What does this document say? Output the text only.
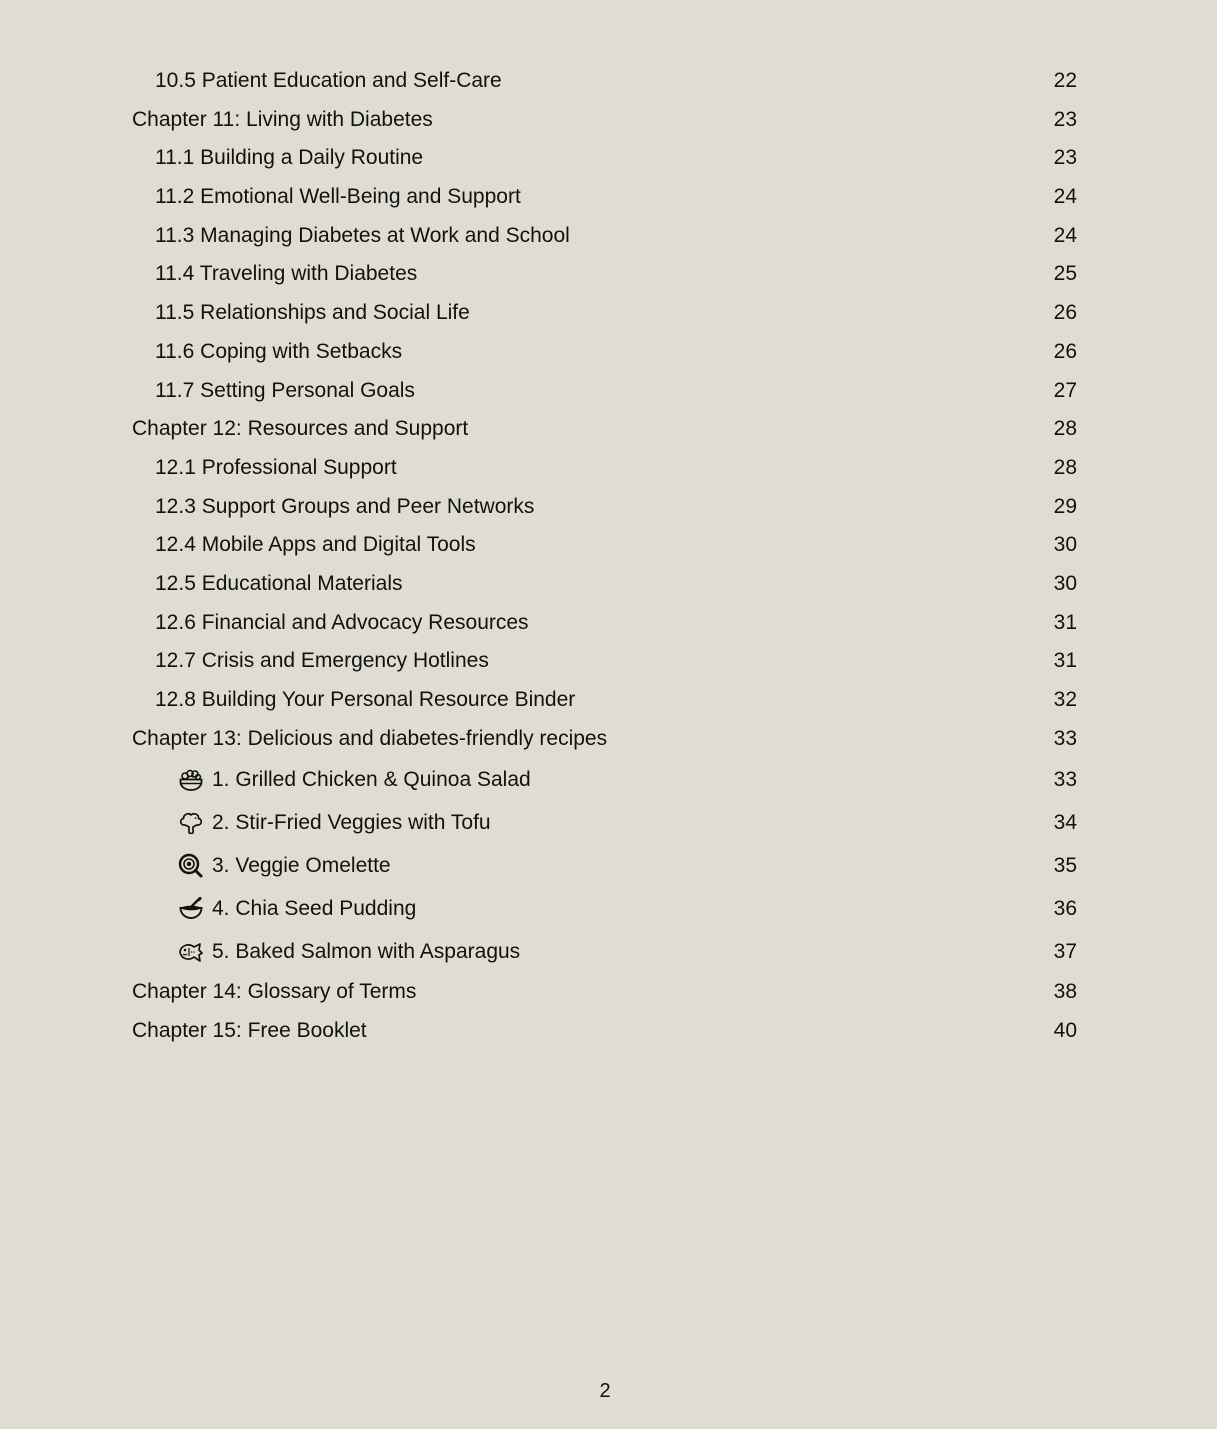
10.5 Patient Education and Self-Care	22
Chapter 11: Living with Diabetes	23
11.1 Building a Daily Routine	23
11.2 Emotional Well-Being and Support	24
11.3 Managing Diabetes at Work and School	24
11.4 Traveling with Diabetes	25
11.5 Relationships and Social Life	26
11.6 Coping with Setbacks	26
11.7 Setting Personal Goals	27
Chapter 12: Resources and Support	28
12.1 Professional Support	28
12.3 Support Groups and Peer Networks	29
12.4 Mobile Apps and Digital Tools	30
12.5 Educational Materials	30
12.6 Financial and Advocacy Resources	31
12.7 Crisis and Emergency Hotlines	31
12.8 Building Your Personal Resource Binder	32
Chapter 13: Delicious and diabetes-friendly recipes	33
1. Grilled Chicken & Quinoa Salad	33
2. Stir-Fried Veggies with Tofu	34
3. Veggie Omelette	35
4. Chia Seed Pudding	36
5. Baked Salmon with Asparagus	37
Chapter 14: Glossary of Terms	38
Chapter 15: Free Booklet	40
2
